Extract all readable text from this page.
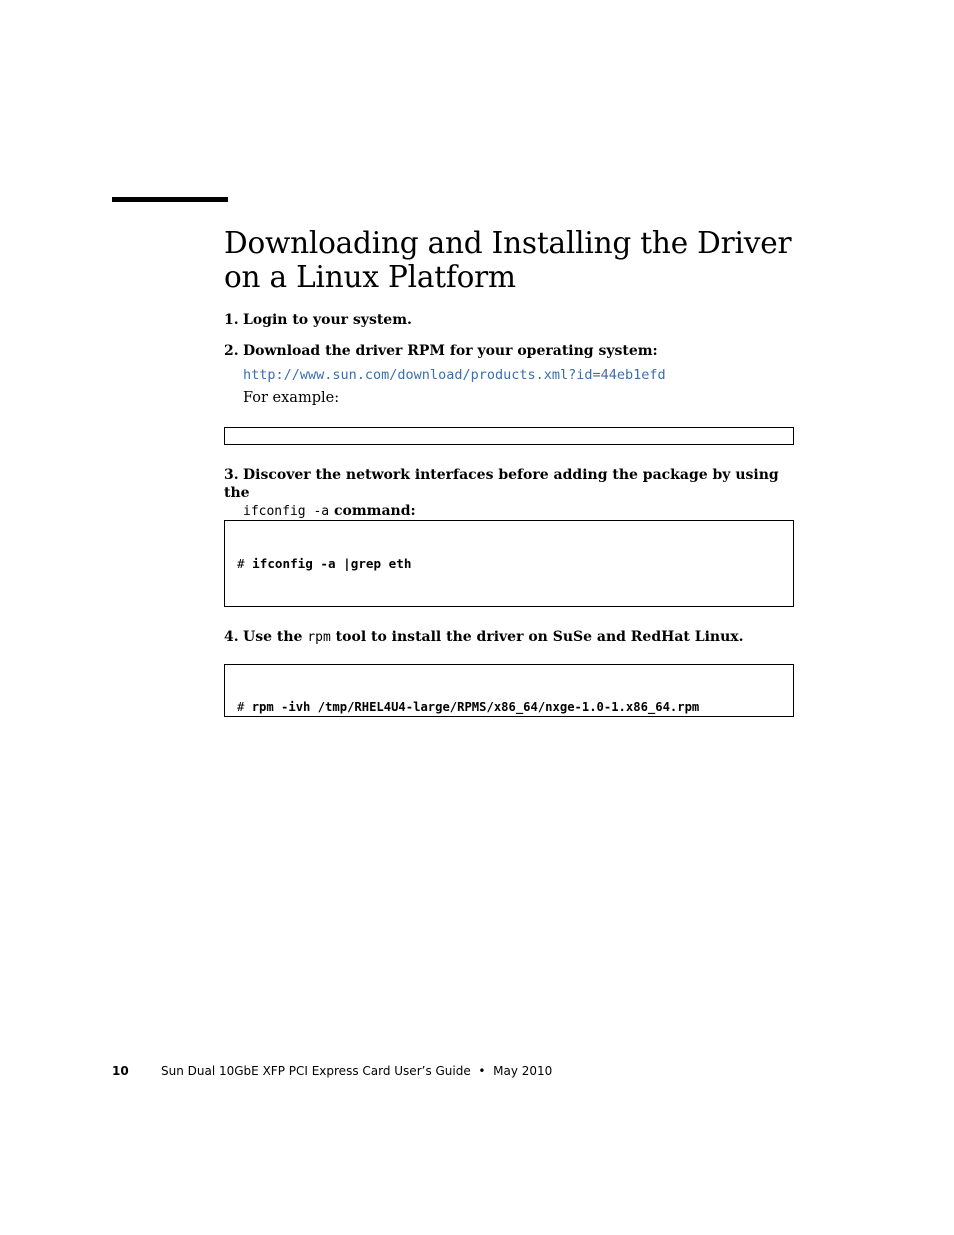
Downloading and Installing the Driver
on a Linux Platform
1. Login to your system.
2. Download the driver RPM for your operating system:
http://www.sun.com/download/products.xml?id=44eb1efd
For example:

3. Discover the network interfaces before adding the package by using the
ifconfig -a command:

# ifconfig -a |grep eth

4. Use the rpm tool to install the driver on SuSe and RedHat Linux.

# rpm -ivh /tmp/RHEL4U4-large/RPMS/x86_64/nxge-1.0-1.x86_64.rpm

10	Sun Dual 10GbE XFP PCI Express Card User’s Guide • May 2010
